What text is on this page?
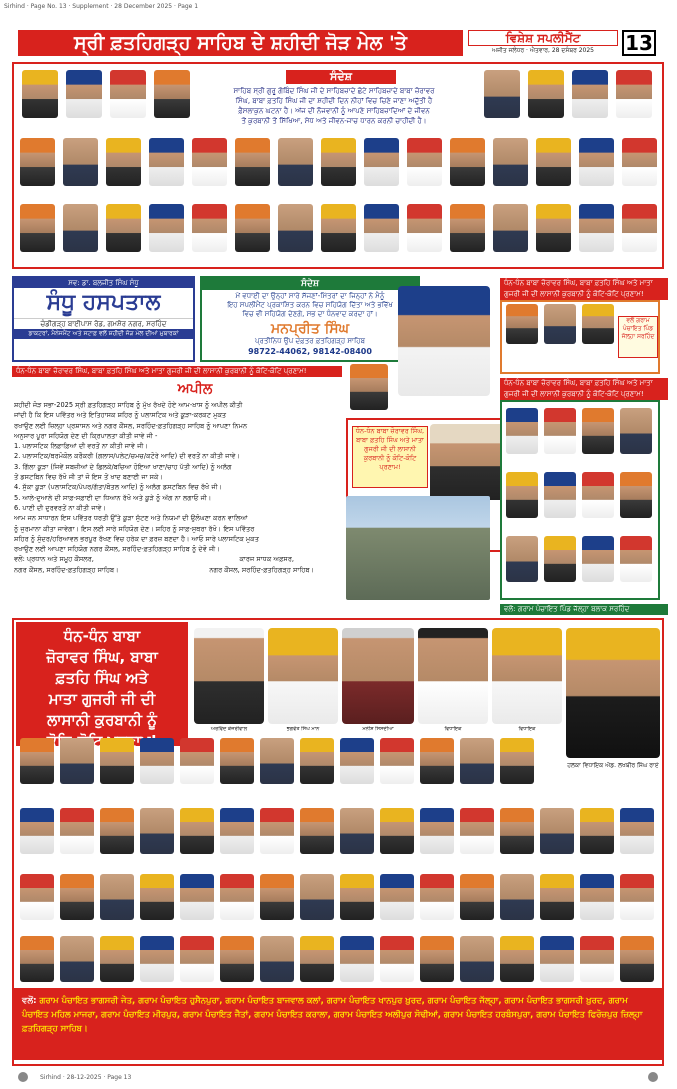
Sirhind · Page No. 13 · Supplement · 28 December 2025 · Page 1
ਸ੍ਰੀ ਫ਼ਤਹਿਗੜ੍ਹ ਸਾਹਿਬ ਦੇ ਸ਼ਹੀਦੀ ਜੋੜ ਮੇਲ 'ਤੇ	ਵਿਸ਼ੇਸ਼ ਸਪਲੀਮੈਂਟ
ਅਜੀਤ ਜਲੰਧਰ · ਐਤਵਾਰ, 28 ਦਸੰਬਰ 2025	13
ਸੰਦੇਸ਼
ਸਾਹਿਬ ਸ੍ਰੀ ਗੁਰੂ ਗੋਬਿੰਦ ਸਿੰਘ ਜੀ ਦੇ ਸਾਹਿਬਜ਼ਾਦੇ ਛੋਟੇ ਸਾਹਿਬਜ਼ਾਦੇ ਬਾਬਾ ਜ਼ੋਰਾਵਰ
ਸਿੰਘ, ਬਾਬਾ ਫ਼ਤਹਿ ਸਿੰਘ ਜੀ ਦਾ ਸ਼ਹੀਦੀ ਦਿਨ ਨੀਹਾਂ ਵਿਚ ਚਿਣੇ ਜਾਣਾ ਅਦੁੱਤੀ ਹੈ
ਫ਼ੈਸਲਾਕੁਨ ਘਟਨਾ ਹੈ। ਅੱਜ ਦੀ ਨੌਜਵਾਨੀ ਨੂੰ ਆਪਣੇ ਸਾਹਿਬਜ਼ਾਦਿਆਂ ਦੇ ਜੀਵਨ
ਤੋਂ ਕੁਰਬਾਨੀ ਤੋਂ ਸਿੱਖਿਆ, ਸੇਧ ਅਤੇ ਜੀਵਨ-ਜਾਚ ਧਾਰਨ ਕਰਨੀ ਚਾਹੀਦੀ ਹੈ।
ਸਵ: ਡਾ. ਬਲਜੀਤ ਸਿੰਘ ਸੰਧੂ
ਸੰਧੂ ਹਸਪਤਾਲ
ਚੰਡੀਗੜ੍ਹ ਬਾਈਪਾਸ ਰੋਡ, ਗਮਸ਼ੋਰ ਨਗਰ, ਸਰਹਿੰਦ
ਡਾਕਟਰਾਂ, ਮੈਨੇਜਮੈਂਟ ਅਤੇ ਸਟਾਫ਼ ਵਲੋਂ ਸ਼ਹੀਦੀ ਜੋੜ ਮੇਲ ਦੀਆਂ ਮੁਬਾਰਕਾਂ
ਸੰਦੇਸ਼
ਮੇਂ ਵਧਾਈ ਦਾ ਉਨ੍ਹਾਂ ਸਾਰੇ ਸੱਜਣਾਂ-ਮਿੱਤਰਾਂ ਦਾ ਜਿਨ੍ਹਾਂ ਨੇ ਮੈਨੂੰ
ਇਹ ਸਪਲੀਮੈਂਟ ਪ੍ਰਕਾਸ਼ਿਤ ਕਰਨ ਵਿਚ ਸਹਿਯੋਗ ਦਿੱਤਾ ਅਤੇ ਭਵਿੱਖ
ਵਿਚ ਵੀ ਸਹਿਯੋਗ ਦੇਣਗੇ, ਸਭ ਦਾ ਧੰਨਵਾਦ ਕਰਦਾ ਹਾਂ।
ਮਨਪ੍ਰੀਤ ਸਿੰਘ
ਪ੍ਰਤੀਨਿਧ ਉਪ ਦਫ਼ਤਰ ਫ਼ਤਹਿਗੜ੍ਹ ਸਾਹਿਬ
98722-44062, 98142-08400
ਧੰਨ-ਧੰਨ ਬਾਬਾ ਜ਼ੋਰਾਵਰ ਸਿੰਘ, ਬਾਬਾ ਫ਼ਤਹਿ ਸਿੰਘ ਅਤੇ ਮਾਤਾ ਗੁਜਰੀ ਜੀ ਦੀ ਲਾਸਾਨੀ ਕੁਰਬਾਨੀ ਨੂੰ ਕੋਟਿ-ਕੋਟਿ ਪ੍ਰਣਾਮ!
ਅਪੀਲ
ਸ਼ਹੀਦੀ ਜੋੜ ਸਭਾ-2025 ਸ੍ਰੀ ਫ਼ਤਹਿਗੜ੍ਹ ਸਾਹਿਬ ਨੂੰ ਮੁੱਖ ਰੱਖਦੇ ਹੋਏ ਆਮ-ਖ਼ਾਸ ਨੂੰ ਅਪੀਲ ਕੀਤੀ
ਜਾਂਦੀ ਹੈ ਕਿ ਇਸ ਪਵਿੱਤਰ ਅਤੇ ਇਤਿਹਾਸਕ ਸ਼ਹਿਰ ਨੂੰ ਪਲਾਸਟਿਕ ਅਤੇ ਕੂੜਾ-ਕਰਕਟ ਮੁਕਤ
ਰਖਾਉਣ ਲਈ ਜ਼ਿਲ੍ਹਾ ਪ੍ਰਸ਼ਾਸਨ ਅਤੇ ਨਗਰ ਕੌਂਸਲ, ਸਰਹਿੰਦ-ਫ਼ਤਹਿਗੜ੍ਹ ਸਾਹਿਬ ਨੂੰ ਆਪਣਾ ਨਿਮਨ
ਅਨੁਸਾਰ ਪੂਰਾ ਸਹਿਯੋਗ ਦੇਣ ਦੀ ਕ੍ਰਿਪਾਲਤਾ ਕੀਤੀ ਜਾਵੇ ਜੀ -
1. ਪਲਾਸਟਿਕ ਲਿਫ਼ਾਫ਼ਿਆਂ ਦੀ ਵਰਤੋਂ ਨਾ ਕੀਤੀ ਜਾਵੇ ਜੀ।
2. ਪਲਾਸਟਿਕ/ਥਰਮੋਕੋਲ ਕਰੌਕਰੀ (ਗਲਾਸ/ਪਲੇਟ/ਚਮਚ/ਕਟੋਰੇ ਆਦਿ) ਦੀ ਵਰਤੋਂ ਨਾ ਕੀਤੀ ਜਾਵੇ।
3. ਗਿੱਲਾ ਕੂੜਾ (ਜਿਵੇਂ ਸਬਜ਼ੀਆਂ ਦੇ ਛਿਲਕੇ/ਬਚਿਆ ਹੋਇਆ ਖਾਣਾ/ਚਾਹ ਪੱਤੀ ਆਦਿ) ਨੂੰ ਅਲੱਗ
ਤੋਂ ਡਸਟਬਿਨ ਵਿਚ ਰੱਖੋ ਜੀ ਤਾਂ ਜੋ ਇਸ ਤੋਂ ਖਾਦ ਬਣਾਈ ਜਾ ਸਕੇ।
4. ਸੁੱਕਾ ਕੂੜਾ (ਪਲਾਸਟਿਕ/ਪੇਪਰ/ਗੱਤਾ/ਬੋਤਲ ਆਦਿ) ਨੂੰ ਅਲੱਗ ਡਸਟਬਿਨ ਵਿਚ ਰੱਖੋ ਜੀ।
5. ਆਲੇ-ਦੁਆਲੇ ਦੀ ਸਾਫ਼-ਸਫ਼ਾਈ ਦਾ ਧਿਆਨ ਰੱਖੋ ਅਤੇ ਕੂੜੇ ਨੂੰ ਅੱਗ ਨਾ ਲਗਾਓ ਜੀ।
6. ਪਾਣੀ ਦੀ ਦੁਰਵਰਤੋਂ ਨਾ ਕੀਤੀ ਜਾਵੇ।
ਆਮ ਜਨ ਸਾਧਾਰਨ ਇਸ ਪਵਿੱਤਰ ਧਰਤੀ ਉੱਤੇ ਕੂੜਾ ਸੁੱਟਣ ਅਤੇ ਨਿਯਮਾਂ ਦੀ ਉਲੰਘਣਾ ਕਰਨ ਵਾਲਿਆਂ
ਨੂੰ ਜੁਰਮਾਨਾ ਕੀਤਾ ਜਾਵੇਗਾ। ਇਸ ਲਈ ਸਾਰੇ ਸਹਿਯੋਗ ਦੇਣ। ਸ਼ਹਿਰ ਨੂੰ ਸਾਫ਼-ਸੁਥਰਾ ਰੱਖੋ। ਇਸ ਪਵਿੱਤਰ
ਸ਼ਹਿਰ ਨੂੰ ਸੁੰਦਰ/ਹਰਿਆਵਲ ਭਰਪੂਰ ਰੱਖਣ ਵਿਚ ਹਰੇਕ ਦਾ ਫ਼ਰਜ਼ ਬਣਦਾ ਹੈ। ਆਓ ਸਾਰੇ ਪਲਾਸਟਿਕ ਮੁਕਤ
ਰਖਾਉਣ ਲਈ ਆਪਣਾ ਸਹਿਯੋਗ ਨਗਰ ਕੌਂਸਲ, ਸਰਹਿੰਦ-ਫ਼ਤਹਿਗੜ੍ਹ ਸਾਹਿਬ ਨੂੰ ਦੇਵੋ ਜੀ।
ਵਲੋਂ: ਪ੍ਰਧਾਨ ਅਤੇ ਸਮੂਹ ਕੌਂਸਲਰ,	ਕਾਰਜ ਸਾਧਕ ਅਫ਼ਸਰ,
ਨਗਰ ਕੌਂਸਲ, ਸਰਹਿੰਦ-ਫ਼ਤਹਿਗੜ੍ਹ ਸਾਹਿਬ।	ਨਗਰ ਕੌਂਸਲ, ਸਰਹਿੰਦ-ਫ਼ਤਹਿਗੜ੍ਹ ਸਾਹਿਬ।
ਧੰਨ-ਧੰਨ ਬਾਬਾ ਜ਼ੋਰਾਵਰ ਸਿੰਘ,
ਬਾਬਾ ਫ਼ਤਹਿ ਸਿੰਘ ਅਤੇ ਮਾਤਾ
ਗੁਜਰੀ ਜੀ ਦੀ ਲਾਸਾਨੀ
ਕੁਰਬਾਨੀ ਨੂੰ ਕੋਟਿ-ਕੋਟਿ ਪ੍ਰਣਾਮ!
ਧੰਨ-ਧੰਨ ਬਾਬਾ ਜ਼ੋਰਾਵਰ ਸਿੰਘ, ਬਾਬਾ ਫ਼ਤਹਿ ਸਿੰਘ ਅਤੇ ਮਾਤਾ ਗੁਜਰੀ ਜੀ ਦੀ ਲਾਸਾਨੀ ਕੁਰਬਾਨੀ ਨੂੰ ਕੋਟਿ-ਕੋਟਿ ਪ੍ਰਣਾਮ!
ਵਲੋਂ ਗਰਾਮ ਪੰਚਾਇਤ ਪਿੰਡ ਜੱਲ੍ਹਾ ਸਰਹਿੰਦ
ਧੰਨ-ਧੰਨ ਬਾਬਾ ਜ਼ੋਰਾਵਰ ਸਿੰਘ, ਬਾਬਾ ਫ਼ਤਹਿ ਸਿੰਘ ਅਤੇ ਮਾਤਾ ਗੁਜਰੀ ਜੀ ਦੀ ਲਾਸਾਨੀ ਕੁਰਬਾਨੀ ਨੂੰ ਕੋਟਿ-ਕੋਟਿ ਪ੍ਰਣਾਮ!
ਵਲੋਂ: ਗਰਾਮ ਪੰਚਾਇਤ ਪਿੰਡ ਜੱਲ੍ਹਾ ਬਲਾਕ ਸਰਹਿੰਦ
ਧੰਨ-ਧੰਨ ਬਾਬਾ
ਜ਼ੋਰਾਵਰ ਸਿੰਘ, ਬਾਬਾ
ਫ਼ਤਹਿ ਸਿੰਘ ਅਤੇ
ਮਾਤਾ ਗੁਜਰੀ ਜੀ ਦੀ
ਲਾਸਾਨੀ ਕੁਰਬਾਨੀ ਨੂੰ	ਅਰਵਿੰਦ ਕੇਜਰੀਵਾਲ	ਭਗਵੰਤ ਸਿੰਘ ਮਾਨ	ਮਨੀਸ਼ ਸਿਸੋਦੀਆ	ਵਿਧਾਇਕ	ਵਿਧਾਇਕ
ਹਲਕਾ ਵਿਧਾਇਕ ਐਡ. ਲਖਬੀਰ ਸਿੰਘ ਰਾਏ
ਵਲੋਂ: ਗਰਾਮ ਪੰਚਾਇਤ ਭਾਗਸਰੀ ਜੇਤ, ਗਰਾਮ ਪੰਚਾਇਤ ਹੁਸੈਨਪੁਰਾ, ਗਰਾਮ ਪੰਚਾਇਤ ਬਾਜਵਾਲ ਕਲਾਂ, ਗਰਾਮ ਪੰਚਾਇਤ ਖਾਨਪੁਰ ਖ਼ੁਰਦ, ਗਰਾਮ ਪੰਚਾਇਤ ਜੱਲ੍ਹਾ, ਗਰਾਮ ਪੰਚਾਇਤ ਭਾਗਸਰੀ ਖ਼ੁਰਦ, ਗਰਾਮ ਪੰਚਾਇਤ ਮਹਿਲ ਮਾਜਰਾ, ਗਰਾਮ ਪੰਚਾਇਤ ਮੀਰਪੁਰ, ਗਰਾਮ ਪੰਚਾਇਤ ਜੈਤਾਂ, ਗਰਾਮ ਪੰਚਾਇਤ ਕਰਾਲਾ, ਗਰਾਮ ਪੰਚਾਇਤ ਅਲੀਪੁਰ ਸੋਢੀਆਂ, ਗਰਾਮ ਪੰਚਾਇਤ ਹਰਬੰਸਪੁਰਾ, ਗਰਾਮ ਪੰਚਾਇਤ ਫਿਰੋਜ਼ਪੁਰ ਜ਼ਿਲ੍ਹਾ ਫ਼ਤਹਿਗੜ੍ਹ ਸਾਹਿਬ।
Sirhind · 28-12-2025 · Page 13
